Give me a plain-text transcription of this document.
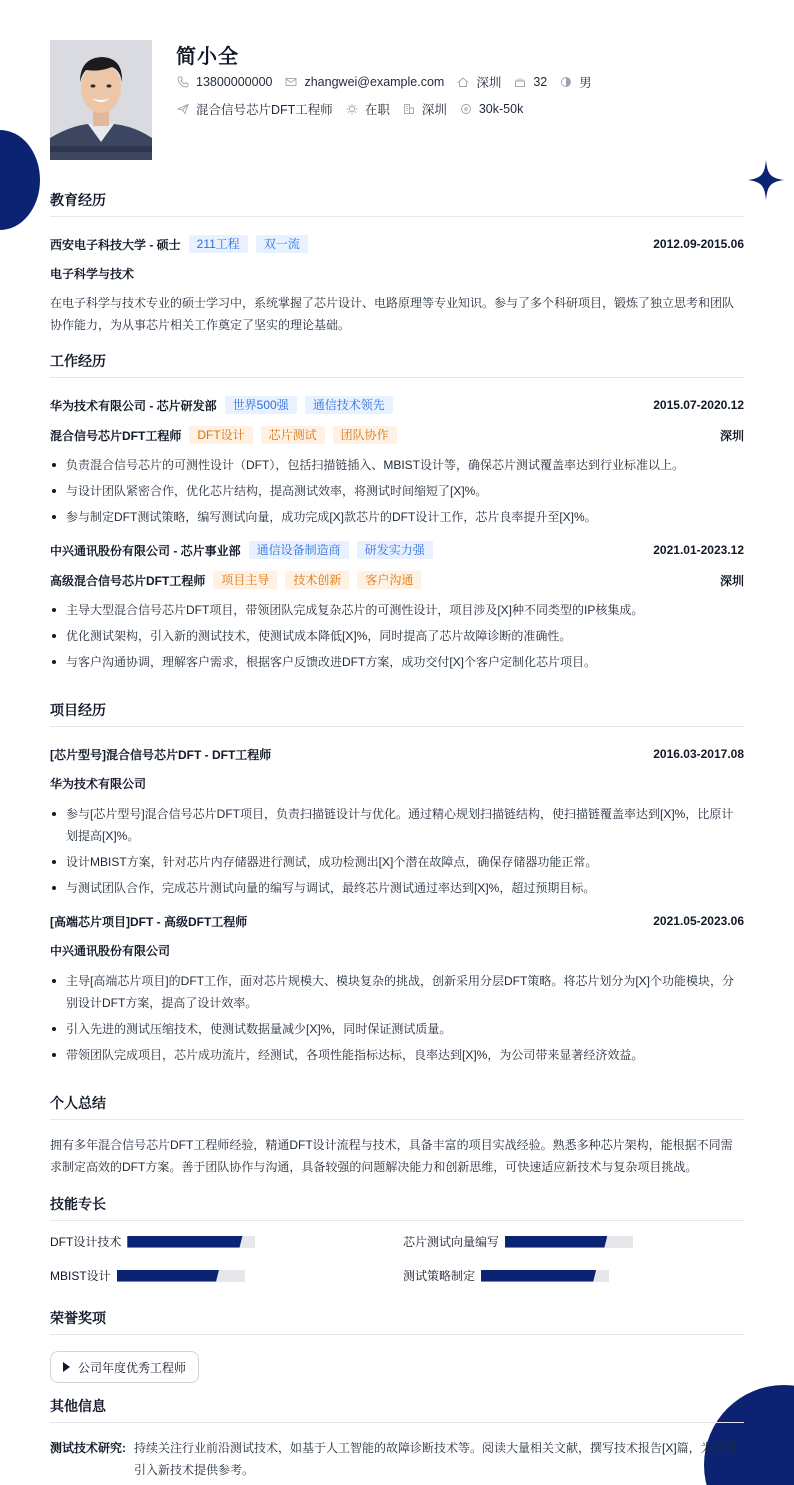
简小全
13800000000	zhangwei@example.com	深圳	32	男
混合信号芯片DFT工程师	在职	深圳	30k-50k
教育经历
西安电子科技大学 - 硕士	211工程	双一流	2012.09-2015.06
电子科学与技术
在电子科学与技术专业的硕士学习中，系统掌握了芯片设计、电路原理等专业知识。参与了多个科研项目，锻炼了独立思考和团队协作能力，为从事芯片相关工作奠定了坚实的理论基础。
工作经历
华为技术有限公司 - 芯片研发部	世界500强	通信技术领先	2015.07-2020.12
混合信号芯片DFT工程师	DFT设计	芯片测试	团队协作	深圳
负责混合信号芯片的可测性设计（DFT），包括扫描链插入、MBIST设计等，确保芯片测试覆盖率达到行业标准以上。
与设计团队紧密合作，优化芯片结构，提高测试效率，将测试时间缩短了[X]%。
参与制定DFT测试策略，编写测试向量，成功完成[X]款芯片的DFT设计工作，芯片良率提升至[X]%。
中兴通讯股份有限公司 - 芯片事业部	通信设备制造商	研发实力强	2021.01-2023.12
高级混合信号芯片DFT工程师	项目主导	技术创新	客户沟通	深圳
主导大型混合信号芯片DFT项目，带领团队完成复杂芯片的可测性设计，项目涉及[X]种不同类型的IP核集成。
优化测试架构，引入新的测试技术，使测试成本降低[X]%，同时提高了芯片故障诊断的准确性。
与客户沟通协调，理解客户需求，根据客户反馈改进DFT方案，成功交付[X]个客户定制化芯片项目。
项目经历
[芯片型号]混合信号芯片DFT - DFT工程师	2016.03-2017.08
华为技术有限公司
参与[芯片型号]混合信号芯片DFT项目，负责扫描链设计与优化。通过精心规划扫描链结构，使扫描链覆盖率达到[X]%，比原计划提高[X]%。
设计MBIST方案，针对芯片内存储器进行测试，成功检测出[X]个潜在故障点，确保存储器功能正常。
与测试团队合作，完成芯片测试向量的编写与调试，最终芯片测试通过率达到[X]%，超过预期目标。
[高端芯片项目]DFT - 高级DFT工程师	2021.05-2023.06
中兴通讯股份有限公司
主导[高端芯片项目]的DFT工作，面对芯片规模大、模块复杂的挑战，创新采用分层DFT策略。将芯片划分为[X]个功能模块，分别设计DFT方案，提高了设计效率。
引入先进的测试压缩技术，使测试数据量减少[X]%，同时保证测试质量。
带领团队完成项目，芯片成功流片，经测试，各项性能指标达标，良率达到[X]%，为公司带来显著经济效益。
个人总结
拥有多年混合信号芯片DFT工程师经验，精通DFT设计流程与技术，具备丰富的项目实战经验。熟悉多种芯片架构，能根据不同需求制定高效的DFT方案。善于团队协作与沟通，具备较强的问题解决能力和创新思维，可快速适应新技术与复杂项目挑战。
技能专长
DFT设计技术	芯片测试向量编写
MBIST设计	测试策略制定
荣誉奖项
公司年度优秀工程师
其他信息
测试技术研究: 持续关注行业前沿测试技术，如基于人工智能的故障诊断技术等。阅读大量相关文献，撰写技术报告[X]篇，为公司引入新技术提供参考。
